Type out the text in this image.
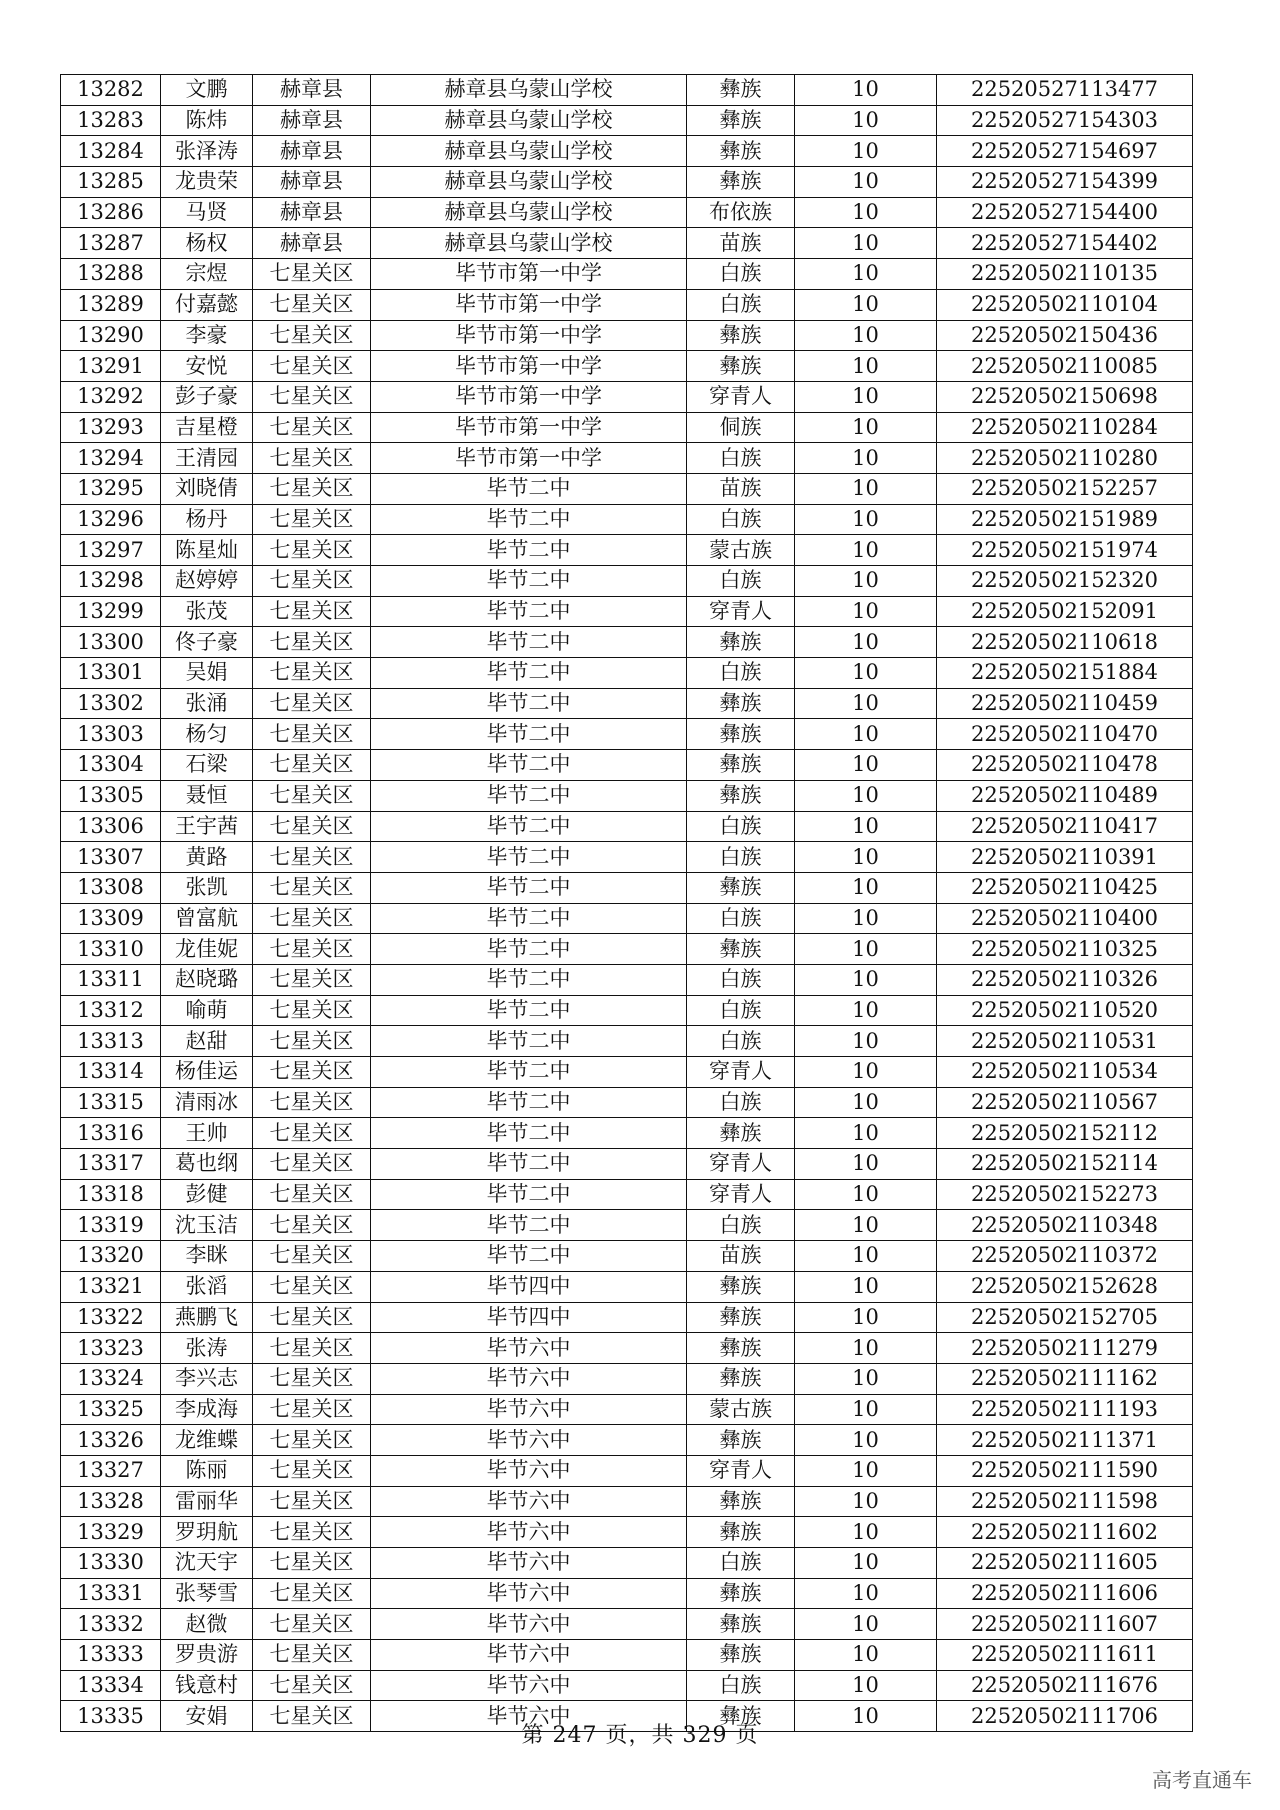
13282	文鹏	赫章县	赫章县乌蒙山学校	彝族	10	22520527113477
13283	陈炜	赫章县	赫章县乌蒙山学校	彝族	10	22520527154303
13284	张泽涛	赫章县	赫章县乌蒙山学校	彝族	10	22520527154697
13285	龙贵荣	赫章县	赫章县乌蒙山学校	彝族	10	22520527154399
13286	马贤	赫章县	赫章县乌蒙山学校	布依族	10	22520527154400
13287	杨权	赫章县	赫章县乌蒙山学校	苗族	10	22520527154402
13288	宗煜	七星关区	毕节市第一中学	白族	10	22520502110135
13289	付嘉懿	七星关区	毕节市第一中学	白族	10	22520502110104
13290	李豪	七星关区	毕节市第一中学	彝族	10	22520502150436
13291	安悦	七星关区	毕节市第一中学	彝族	10	22520502110085
13292	彭子豪	七星关区	毕节市第一中学	穿青人	10	22520502150698
13293	吉星橙	七星关区	毕节市第一中学	侗族	10	22520502110284
13294	王清园	七星关区	毕节市第一中学	白族	10	22520502110280
13295	刘晓倩	七星关区	毕节二中	苗族	10	22520502152257
13296	杨丹	七星关区	毕节二中	白族	10	22520502151989
13297	陈星灿	七星关区	毕节二中	蒙古族	10	22520502151974
13298	赵婷婷	七星关区	毕节二中	白族	10	22520502152320
13299	张茂	七星关区	毕节二中	穿青人	10	22520502152091
13300	佟子豪	七星关区	毕节二中	彝族	10	22520502110618
13301	吴娟	七星关区	毕节二中	白族	10	22520502151884
13302	张涌	七星关区	毕节二中	彝族	10	22520502110459
13303	杨匀	七星关区	毕节二中	彝族	10	22520502110470
13304	石梁	七星关区	毕节二中	彝族	10	22520502110478
13305	聂恒	七星关区	毕节二中	彝族	10	22520502110489
13306	王宇茜	七星关区	毕节二中	白族	10	22520502110417
13307	黄路	七星关区	毕节二中	白族	10	22520502110391
13308	张凯	七星关区	毕节二中	彝族	10	22520502110425
13309	曾富航	七星关区	毕节二中	白族	10	22520502110400
13310	龙佳妮	七星关区	毕节二中	彝族	10	22520502110325
13311	赵晓璐	七星关区	毕节二中	白族	10	22520502110326
13312	喻萌	七星关区	毕节二中	白族	10	22520502110520
13313	赵甜	七星关区	毕节二中	白族	10	22520502110531
13314	杨佳运	七星关区	毕节二中	穿青人	10	22520502110534
13315	清雨冰	七星关区	毕节二中	白族	10	22520502110567
13316	王帅	七星关区	毕节二中	彝族	10	22520502152112
13317	葛也纲	七星关区	毕节二中	穿青人	10	22520502152114
13318	彭健	七星关区	毕节二中	穿青人	10	22520502152273
13319	沈玉洁	七星关区	毕节二中	白族	10	22520502110348
13320	李眯	七星关区	毕节二中	苗族	10	22520502110372
13321	张滔	七星关区	毕节四中	彝族	10	22520502152628
13322	燕鹏飞	七星关区	毕节四中	彝族	10	22520502152705
13323	张涛	七星关区	毕节六中	彝族	10	22520502111279
13324	李兴志	七星关区	毕节六中	彝族	10	22520502111162
13325	李成海	七星关区	毕节六中	蒙古族	10	22520502111193
13326	龙维蝶	七星关区	毕节六中	彝族	10	22520502111371
13327	陈丽	七星关区	毕节六中	穿青人	10	22520502111590
13328	雷丽华	七星关区	毕节六中	彝族	10	22520502111598
13329	罗玥航	七星关区	毕节六中	彝族	10	22520502111602
13330	沈天宇	七星关区	毕节六中	白族	10	22520502111605
13331	张琴雪	七星关区	毕节六中	彝族	10	22520502111606
13332	赵微	七星关区	毕节六中	彝族	10	22520502111607
13333	罗贵游	七星关区	毕节六中	彝族	10	22520502111611
13334	钱意村	七星关区	毕节六中	白族	10	22520502111676
13335	安娟	七星关区	毕节六中	彝族	10	22520502111706
第 247 页，共 329 页
高考直通车
